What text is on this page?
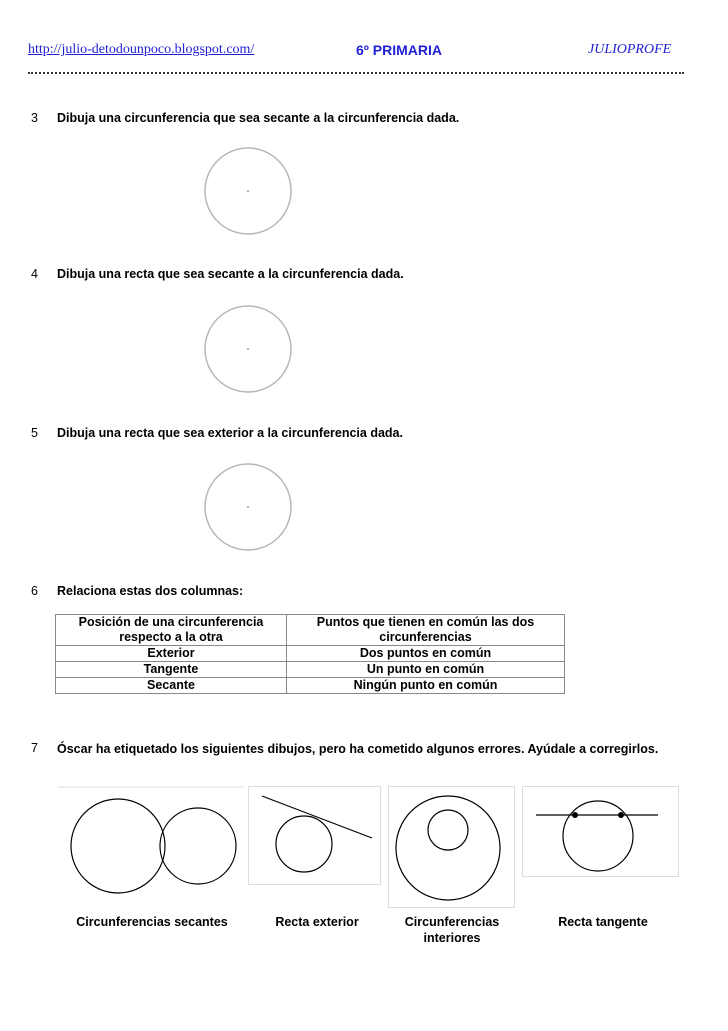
http://julio-detodounpoco.blogspot.com/	6º PRIMARIA	JULIOPROFE
3 Dibuja una circunferencia que sea secante a la circunferencia dada.
4 Dibuja una recta que sea secante a la circunferencia dada.
5 Dibuja una recta que sea exterior a la circunferencia dada.
6 Relaciona estas dos columnas:
Posición de una circunferencia respecto a la otra	Puntos que tienen en común las dos circunferencias
Exterior	Dos puntos en común
Tangente	Un punto en común
Secante	Ningún punto en común
7 Óscar ha etiquetado los siguientes dibujos, pero ha cometido algunos errores. Ayúdale a corregirlos.
Circunferencias secantes	Recta exterior	Circunferencias interiores
Recta tangente
